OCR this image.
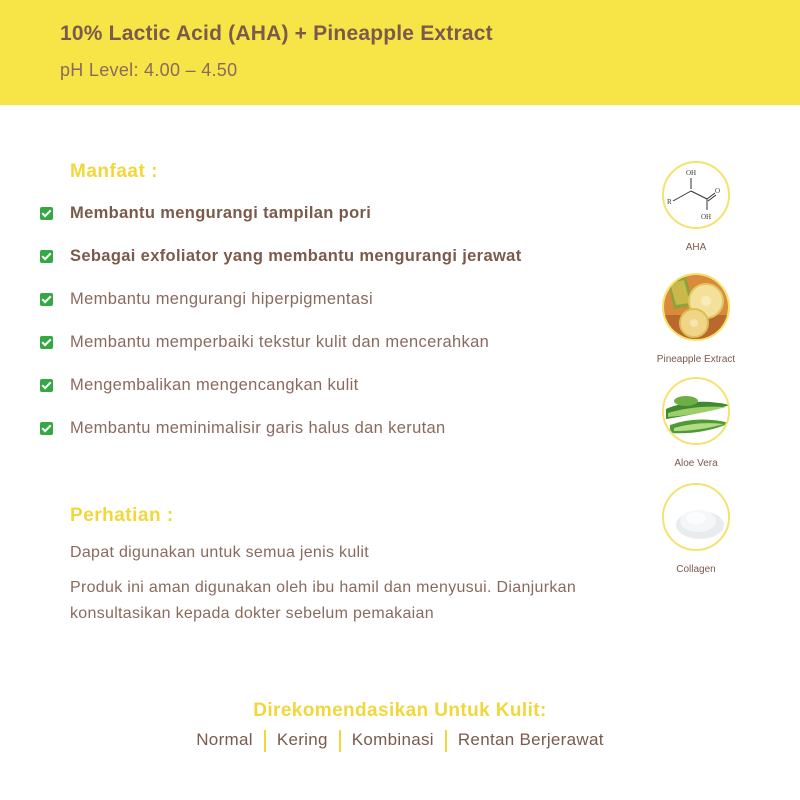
10% Lactic Acid (AHA) + Pineapple Extract
pH Level: 4.00 – 4.50
Manfaat :
Membantu mengurangi tampilan pori
Sebagai exfoliator yang membantu mengurangi jerawat
Membantu mengurangi hiperpigmentasi
Membantu memperbaiki tekstur kulit dan mencerahkan
Mengembalikan mengencangkan kulit
Membantu meminimalisir garis halus dan kerutan
Perhatian :
Dapat digunakan untuk semua jenis kulit
Produk ini aman digunakan oleh ibu hamil dan menyusui. Dianjurkan konsultasikan kepada dokter sebelum pemakaian
OH
R
O
OH
AHA
Pineapple Extract
Aloe Vera
Collagen
Direkomendasikan Untuk Kulit:
Normal	Kering	Kombinasi	Rentan Berjerawat
